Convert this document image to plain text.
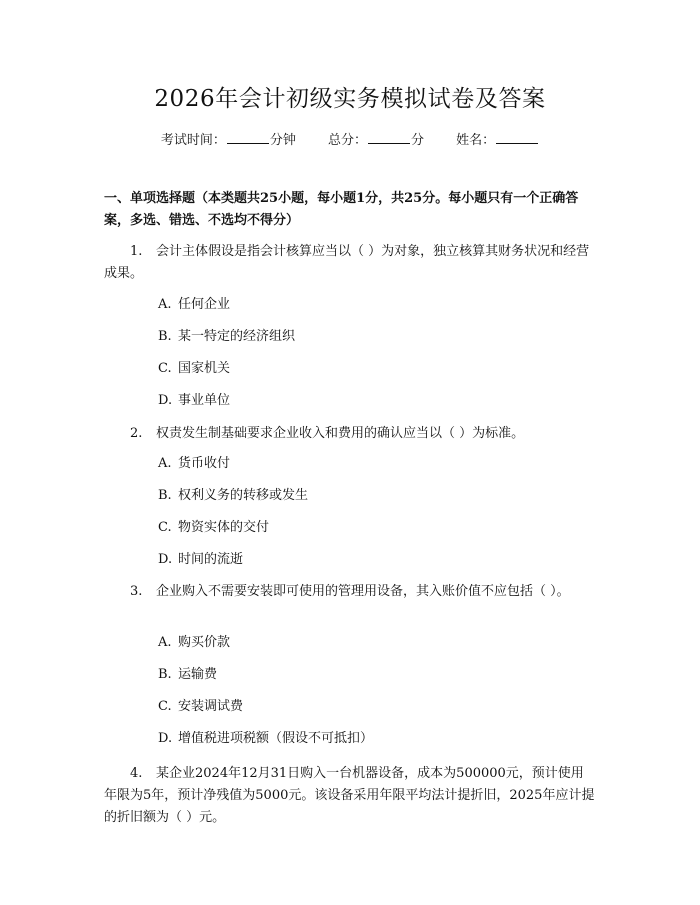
2026年会计初级实务模拟试卷及答案
考试时间：	分钟 总分：	分 姓名：
一、单项选择题（本类题共25小题，每小题1分，共25分。每小题只有一个正确答案，多选、错选、不选均不得分）
1. 会计主体假设是指会计核算应当以（ ）为对象，独立核算其财务状况和经营成果。
A. 任何企业
B. 某一特定的经济组织
C. 国家机关
D. 事业单位
2. 权责发生制基础要求企业收入和费用的确认应当以（ ）为标准。
A. 货币收付
B. 权利义务的转移或发生
C. 物资实体的交付
D. 时间的流逝
3. 企业购入不需要安装即可使用的管理用设备，其入账价值不应包括（ ）。
A. 购买价款
B. 运输费
C. 安装调试费
D. 增值税进项税额（假设不可抵扣）
4. 某企业2024年12月31日购入一台机器设备，成本为500000元，预计使用年限为5年，预计净残值为5000元。该设备采用年限平均法计提折旧，2025年应计提的折旧额为（ ）元。
